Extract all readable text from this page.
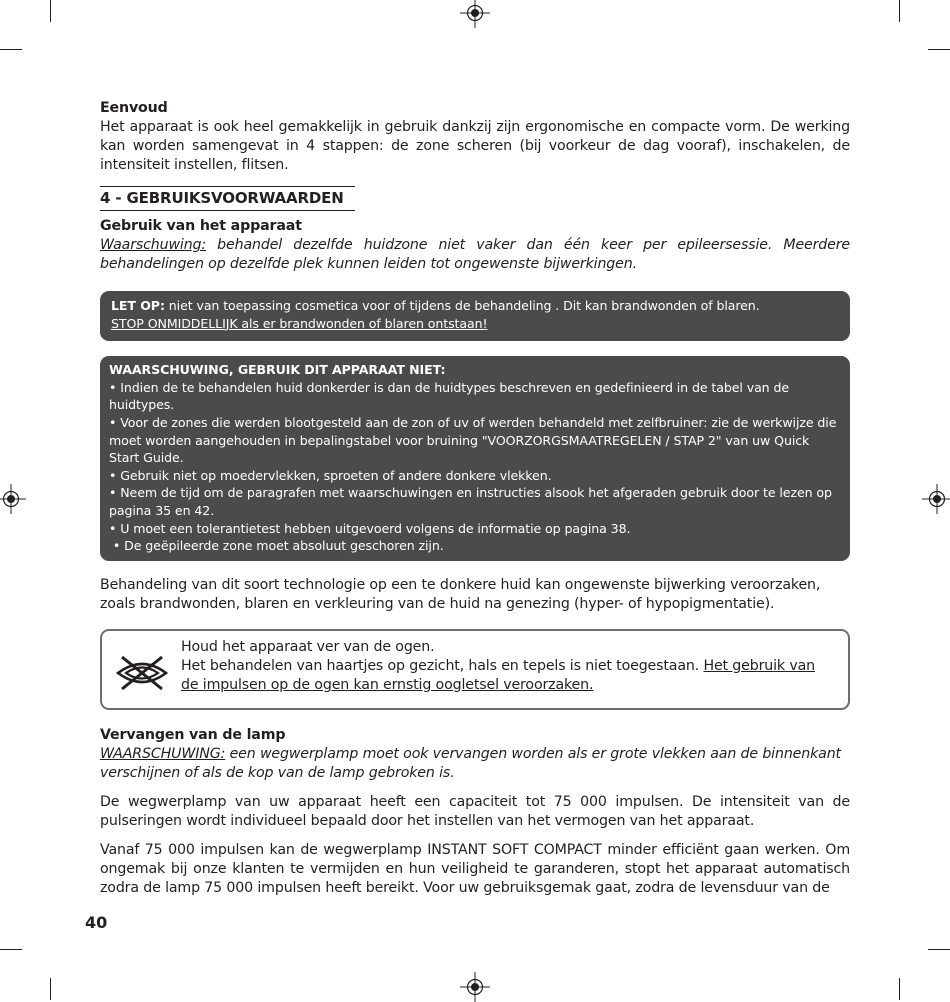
Eenvoud

Het apparaat is ook heel gemakkelijk in gebruik dankzij zijn ergonomische en compacte vorm. De werking kan worden samengevat in 4 stappen: de zone scheren (bij voorkeur de dag vooraf), inschakelen, de intensiteit instellen, flitsen.

4 - GEBRUIKSVOORWAARDEN

Gebruik van het apparaat

Waarschuwing: behandel dezelfde huidzone niet vaker dan één keer per epileersessie. Meerdere behandelingen op dezelfde plek kunnen leiden tot ongewenste bijwerkingen.

LET OP: niet van toepassing cosmetica voor of tijdens de behandeling . Dit kan brandwonden of blaren.
STOP ONMIDDELLIJK als er brandwonden of blaren ontstaan!
WAARSCHUWING, GEBRUIK DIT APPARAAT NIET:
• Indien de te behandelen huid donkerder is dan de huidtypes beschreven en gedefinieerd in de tabel van de huidtypes.
• Voor de zones die werden blootgesteld aan de zon of uv of werden behandeld met zelfbruiner: zie de werkwijze die moet worden aangehouden in bepalingstabel voor bruining "VOORZORGSMAATREGELEN / STAP 2" van uw Quick Start Guide.
• Gebruik niet op moedervlekken, sproeten of andere donkere vlekken.
• Neem de tijd om de paragrafen met waarschuwingen en instructies alsook het afgeraden gebruik door te lezen op pagina 35 en 42.
• U moet een tolerantietest hebben uitgevoerd volgens de informatie op pagina 38.
• De geëpileerde zone moet absoluut geschoren zijn.

Behandeling van dit soort technologie op een te donkere huid kan ongewenste bijwerking veroorzaken, zoals brandwonden, blaren en verkleuring van de huid na genezing (hyper- of hypopigmentatie).

Houd het apparaat ver van de ogen.
Het behandelen van haartjes op gezicht, hals en tepels is niet toegestaan. Het gebruik van de impulsen op de ogen kan ernstig oogletsel veroorzaken.

Vervangen van de lamp

WAARSCHUWING: een wegwerplamp moet ook vervangen worden als er grote vlekken aan de binnenkant verschijnen of als de kop van de lamp gebroken is.

De wegwerplamp van uw apparaat heeft een capaciteit tot 75 000 impulsen. De intensiteit van de pulseringen wordt individueel bepaald door het instellen van het vermogen van het apparaat.

Vanaf 75 000 impulsen kan de wegwerplamp INSTANT SOFT COMPACT minder efficiënt gaan werken. Om ongemak bij onze klanten te vermijden en hun veiligheid te garanderen, stopt het apparaat automatisch zodra de lamp 75 000 impulsen heeft bereikt. Voor uw gebruiksgemak gaat, zodra de levensduur van de

40
